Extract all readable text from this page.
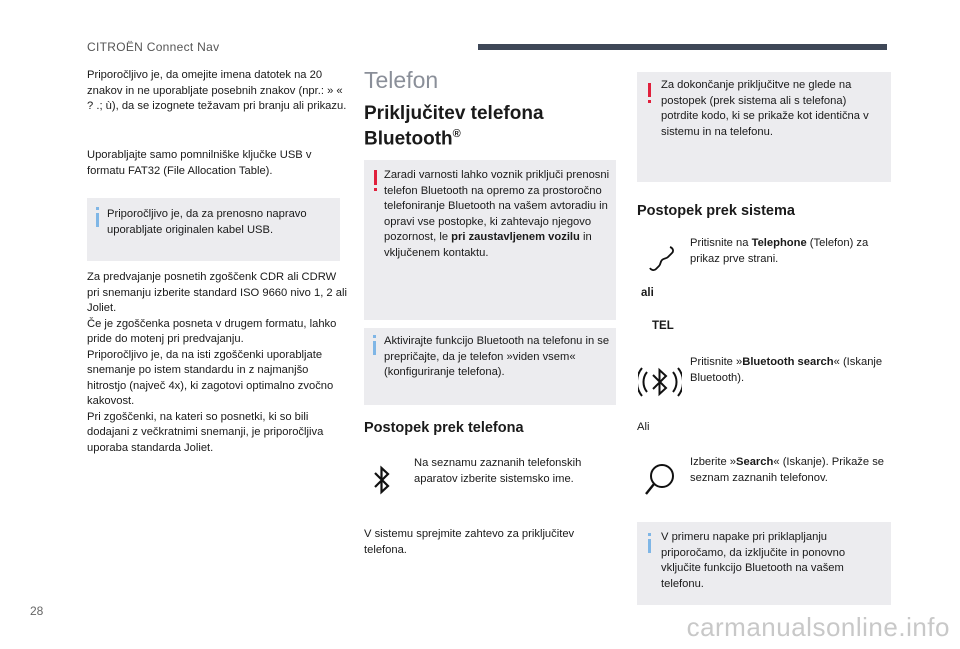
CITROËN Connect Nav
Priporočljivo je, da omejite imena datotek na 20 znakov in ne uporabljate posebnih znakov (npr.: » « ? .; ù), da se izognete težavam pri branju ali prikazu.
Uporabljajte samo pomnilniške ključke USB v formatu FAT32 (File Allocation Table).
Priporočljivo je, da za prenosno napravo uporabljate originalen kabel USB.
Za predvajanje posnetih zgoščenk CDR ali CDRW pri snemanju izberite standard ISO 9660 nivo 1, 2 ali Joliet.
Če je zgoščenka posneta v drugem formatu, lahko pride do motenj pri predvajanju.
Priporočljivo je, da na isti zgoščenki uporabljate snemanje po istem standardu in z najmanjšo hitrostjo (največ 4x), ki zagotovi optimalno zvočno kakovost.
Pri zgoščenki, na kateri so posnetki, ki so bili dodajani z večkratnimi snemanji, je priporočljiva uporaba standarda Joliet.
Telefon
Priključitev telefona
Bluetooth®
Zaradi varnosti lahko voznik priključi prenosni telefon Bluetooth na opremo za prostoročno telefoniranje Bluetooth na vašem avtoradiu in opravi vse postopke, ki zahtevajo njegovo pozornost, le pri zaustavljenem vozilu in vključenem kontaktu.
Aktivirajte funkcijo Bluetooth na telefonu in se prepričajte, da je telefon »viden vsem« (konfiguriranje telefona).
Postopek prek telefona
Na seznamu zaznanih telefonskih aparatov izberite sistemsko ime.
V sistemu sprejmite zahtevo za priključitev telefona.
Za dokončanje priključitve ne glede na postopek (prek sistema ali s telefona) potrdite kodo, ki se prikaže kot identična v sistemu in na telefonu.
Postopek prek sistema
Pritisnite na Telephone (Telefon) za prikaz prve strani.
ali
TEL
Pritisnite »Bluetooth search« (Iskanje Bluetooth).
Ali
Izberite »Search« (Iskanje). Prikaže se seznam zaznanih telefonov.
V primeru napake pri priklapljanju priporočamo, da izključite in ponovno vključite funkcijo Bluetooth na vašem telefonu.
28
carmanualsonline.info
